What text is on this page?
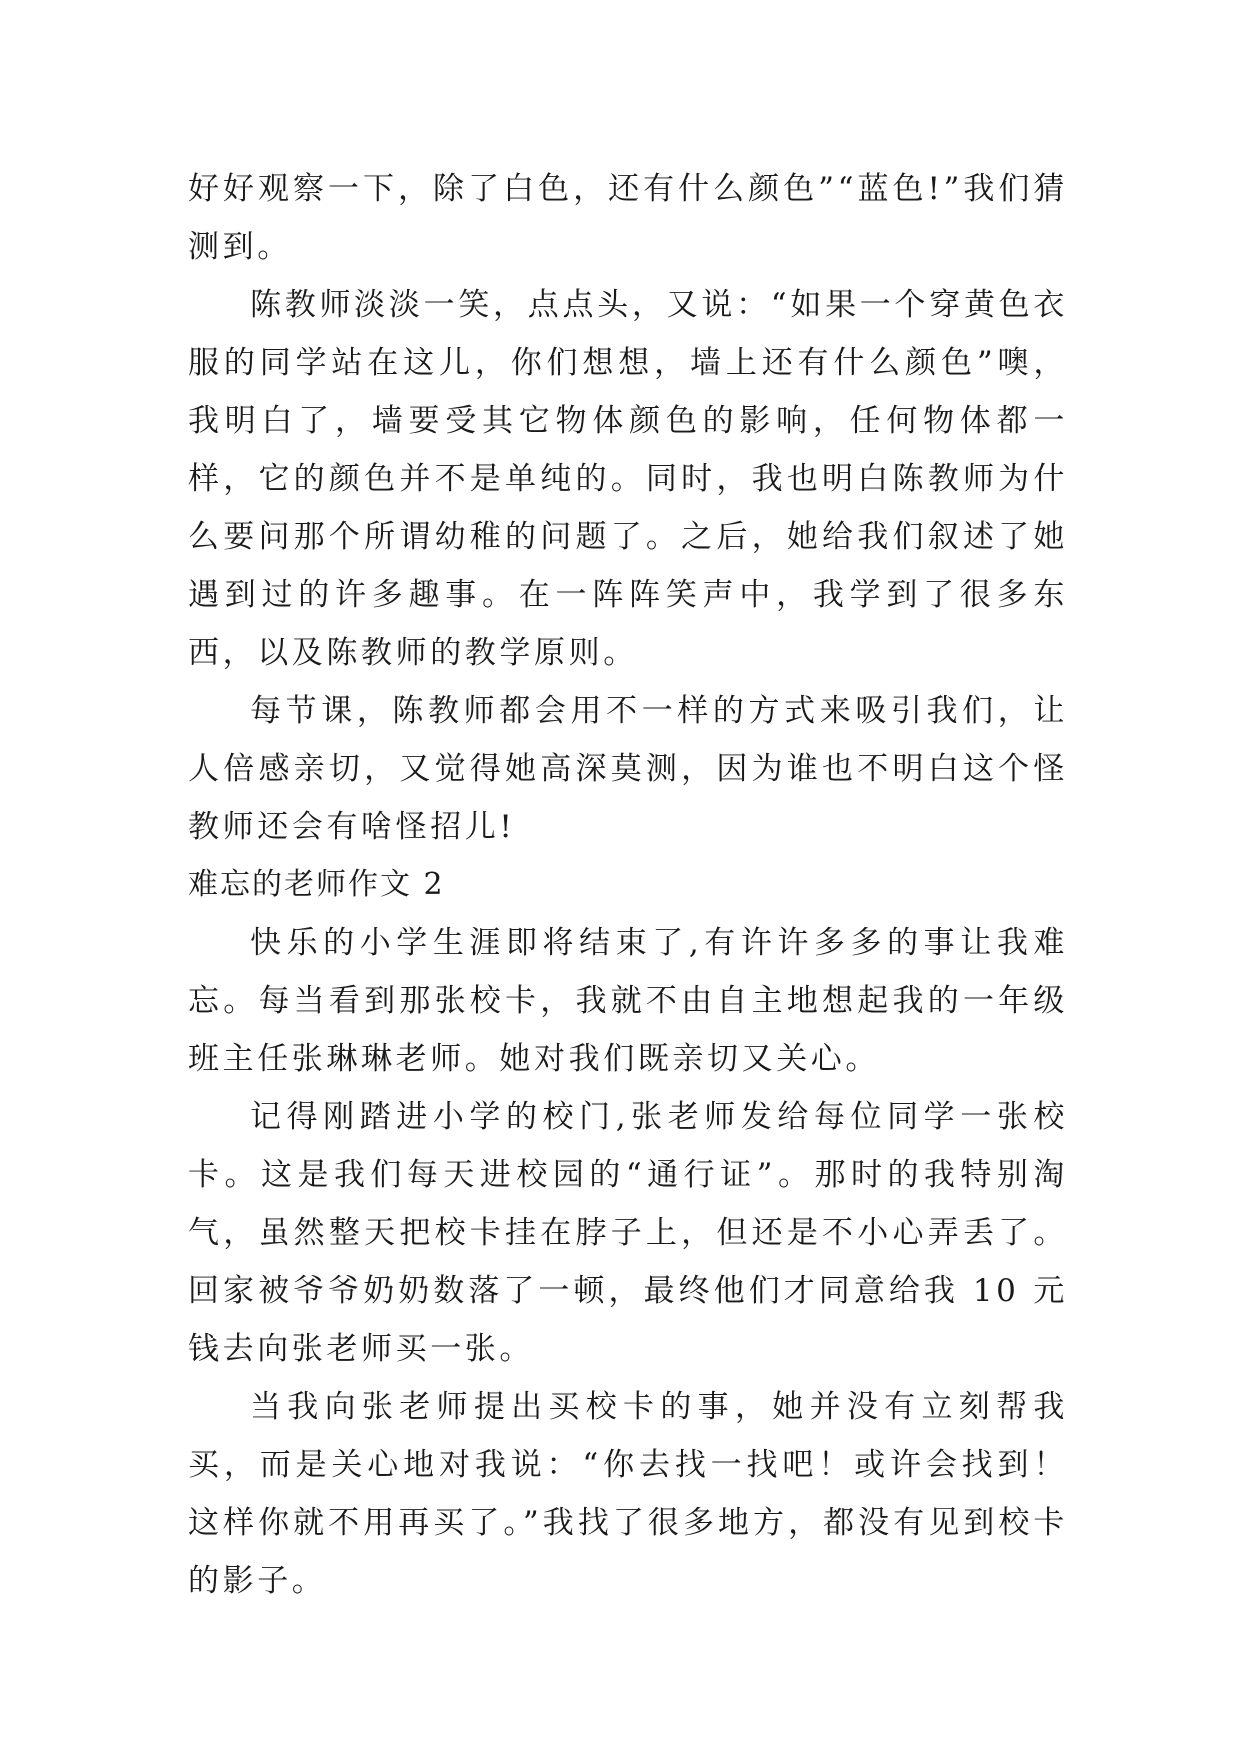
好好观察一下，除了白色，还有什么颜色”“蓝色!”我们猜测到。

陈教师淡淡一笑，点点头，又说：“如果一个穿黄色衣服的同学站在这儿，你们想想，墙上还有什么颜色”噢，我明白了，墙要受其它物体颜色的影响，任何物体都一样，它的颜色并不是单纯的。同时，我也明白陈教师为什么要问那个所谓幼稚的问题了。之后，她给我们叙述了她遇到过的许多趣事。在一阵阵笑声中，我学到了很多东西，以及陈教师的教学原则。

每节课，陈教师都会用不一样的方式来吸引我们，让人倍感亲切，又觉得她高深莫测，因为谁也不明白这个怪教师还会有啥怪招儿!

难忘的老师作文 2

快乐的小学生涯即将结束了,有许许多多的事让我难忘。每当看到那张校卡，我就不由自主地想起我的一年级班主任张琳琳老师。她对我们既亲切又关心。

记得刚踏进小学的校门,张老师发给每位同学一张校卡。这是我们每天进校园的“通行证”。那时的我特别淘气，虽然整天把校卡挂在脖子上，但还是不小心弄丢了。回家被爷爷奶奶数落了一顿，最终他们才同意给我 10 元钱去向张老师买一张。

当我向张老师提出买校卡的事，她并没有立刻帮我买，而是关心地对我说：“你去找一找吧！或许会找到！这样你就不用再买了。”我找了很多地方，都没有见到校卡的影子。
